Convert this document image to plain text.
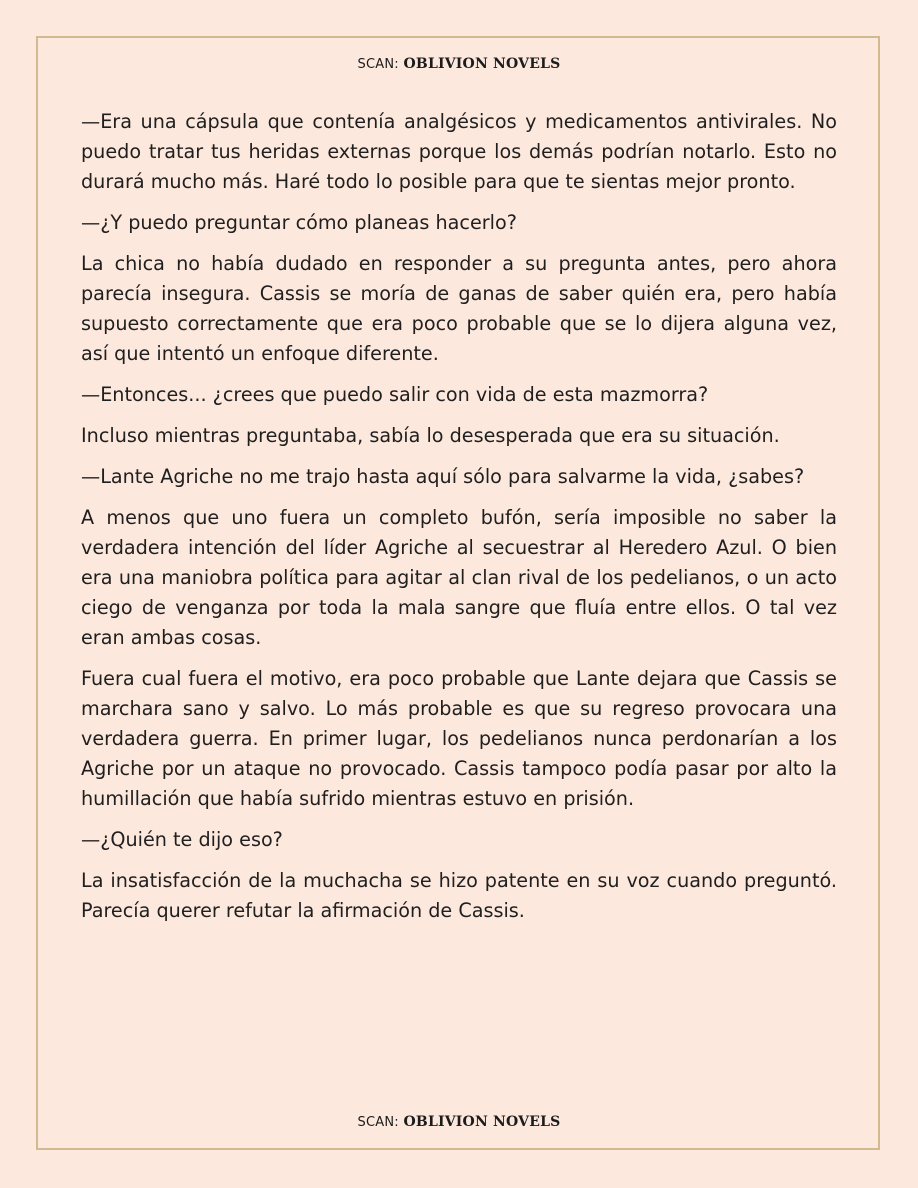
SCAN: OBLIVION NOVELS

—Era una cápsula que contenía analgésicos y medicamentos antivirales. No puedo tratar tus heridas externas porque los demás podrían notarlo. Esto no durará mucho más. Haré todo lo posible para que te sientas mejor pronto.

—¿Y puedo preguntar cómo planeas hacerlo?

La chica no había dudado en responder a su pregunta antes, pero ahora parecía insegura. Cassis se moría de ganas de saber quién era, pero había supuesto correctamente que era poco probable que se lo dijera alguna vez, así que intentó un enfoque diferente.

—Entonces... ¿crees que puedo salir con vida de esta mazmorra?

Incluso mientras preguntaba, sabía lo desesperada que era su situación.

—Lante Agriche no me trajo hasta aquí sólo para salvarme la vida, ¿sabes?

A menos que uno fuera un completo bufón, sería imposible no saber la verdadera intención del líder Agriche al secuestrar al Heredero Azul. O bien era una maniobra política para agitar al clan rival de los pedelianos, o un acto ciego de venganza por toda la mala sangre que fluía entre ellos. O tal vez eran ambas cosas.

Fuera cual fuera el motivo, era poco probable que Lante dejara que Cassis se marchara sano y salvo. Lo más probable es que su regreso provocara una verdadera guerra. En primer lugar, los pedelianos nunca perdonarían a los Agriche por un ataque no provocado. Cassis tampoco podía pasar por alto la humillación que había sufrido mientras estuvo en prisión.

—¿Quién te dijo eso?

La insatisfacción de la muchacha se hizo patente en su voz cuando preguntó. Parecía querer refutar la afirmación de Cassis.

SCAN: OBLIVION NOVELS
